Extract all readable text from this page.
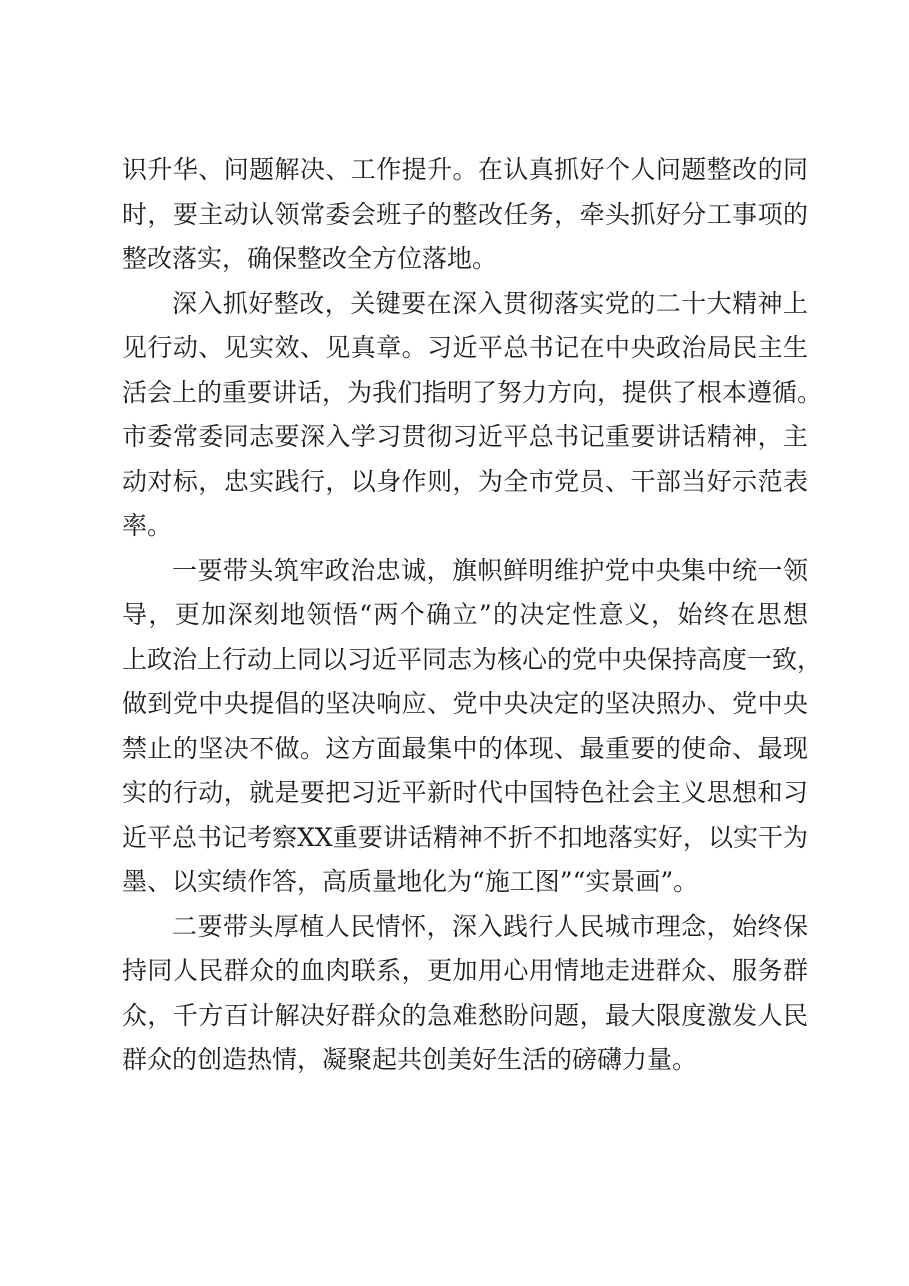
识升华、问题解决、工作提升。在认真抓好个人问题整改的同
时，要主动认领常委会班子的整改任务，牵头抓好分工事项的
整改落实，确保整改全方位落地。
深入抓好整改，关键要在深入贯彻落实党的二十大精神上
见行动、见实效、见真章。习近平总书记在中央政治局民主生
活会上的重要讲话，为我们指明了努力方向，提供了根本遵循。
市委常委同志要深入学习贯彻习近平总书记重要讲话精神，主
动对标，忠实践行，以身作则，为全市党员、干部当好示范表
率。
一要带头筑牢政治忠诚，旗帜鲜明维护党中央集中统一领
导，更加深刻地领悟“两个确立”的决定性意义，始终在思想
上政治上行动上同以习近平同志为核心的党中央保持高度一致，
做到党中央提倡的坚决响应、党中央决定的坚决照办、党中央
禁止的坚决不做。这方面最集中的体现、最重要的使命、最现
实的行动，就是要把习近平新时代中国特色社会主义思想和习
近平总书记考察XX重要讲话精神不折不扣地落实好，以实干为
墨、以实绩作答，高质量地化为“施工图”“实景画”。
二要带头厚植人民情怀，深入践行人民城市理念，始终保
持同人民群众的血肉联系，更加用心用情地走进群众、服务群
众，千方百计解决好群众的急难愁盼问题，最大限度激发人民
群众的创造热情，凝聚起共创美好生活的磅礴力量。
